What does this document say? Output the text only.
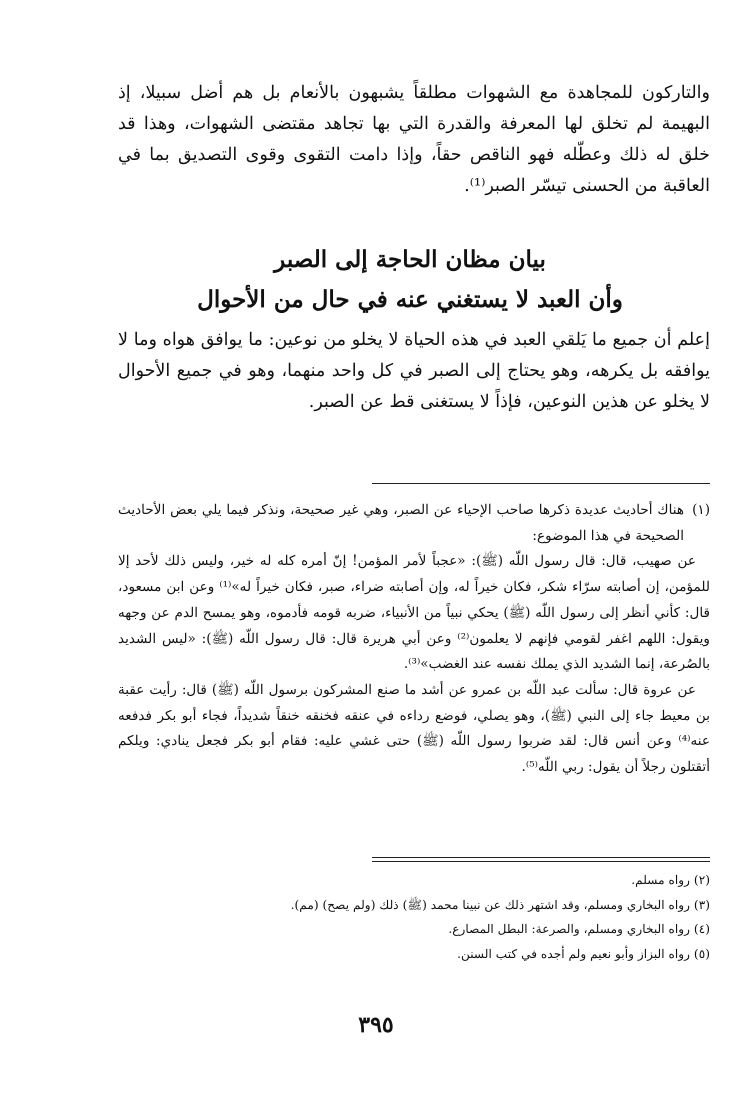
والتاركون للمجاهدة مع الشهوات مطلقاً يشبهون بالأنعام بل هم أضل سبيلا، إذ البهيمة لم تخلق لها المعرفة والقدرة التي بها تجاهد مقتضى الشهوات، وهذا قد خلق له ذلك وعطّله فهو الناقص حقاً، وإذا دامت التقوى وقوى التصديق بما في العاقبة من الحسنى تيسّر الصبر⁽¹⁾.

بيان مظان الحاجة إلى الصبر
وأن العبد لا يستغني عنه في حال من الأحوال

إعلم أن جميع ما يَلقي العبد في هذه الحياة لا يخلو من نوعين: ما يوافق هواه وما لا يوافقه بل يكرهه، وهو يحتاج إلى الصبر في كل واحد منهما، وهو في جميع الأحوال لا يخلو عن هذين النوعين، فإذاً لا يستغنى قط عن الصبر.

(١)هناك أحاديث عديدة ذكرها صاحب الإحياء عن الصبر، وهي غير صحيحة، ونذكر فيما يلي بعض الأحاديث الصحيحة في هذا الموضوع:

عن صهيب، قال: قال رسول اللّه (ﷺ): «عجباً لأمر المؤمن! إنّ أمره كله له خير، وليس ذلك لأحد إلا للمؤمن، إن أصابته سرّاء شكر، فكان خيراً له، وإن أصابته ضراء، صبر، فكان خيراً له»⁽¹⁾ وعن ابن مسعود، قال: كأني أنظر إلى رسول اللّه (ﷺ) يحكي نبياً من الأنبياء، ضربه قومه فأدموه، وهو يمسح الدم عن وجهه ويقول: اللهم اغفر لقومي فإنهم لا يعلمون⁽²⁾ وعن أبي هريرة قال: قال رسول اللّه (ﷺ): «ليس الشديد بالصُرعة، إنما الشديد الذي يملك نفسه عند الغضب»⁽³⁾.

عن عروة قال: سألت عبد اللّه بن عمرو عن أشد ما صنع المشركون برسول اللّه (ﷺ) قال: رأيت عقبة بن معيط جاء إلى النبي (ﷺ)، وهو يصلي، فوضع رداءه في عنقه فخنقه خنقاً شديداً، فجاء أبو بكر فدفعه عنه⁽⁴⁾ وعن أنس قال: لقد ضربوا رسول اللّه (ﷺ) حتى غشي عليه: فقام أبو بكر فجعل ينادي: ويلكم أتقتلون رجلاً أن يقول: ربي اللّه⁽⁵⁾.

(٢) رواه مسلم.

(٣) رواه البخاري ومسلم، وقد اشتهر ذلك عن نبينا محمد (ﷺ) ذلك (ولم يصح) (مم).

(٤) رواه البخاري ومسلم، والصرعة: البطل المصارع.

(٥) رواه البزاز وأبو نعيم ولم أجده في كتب السنن.

٣٩٥
